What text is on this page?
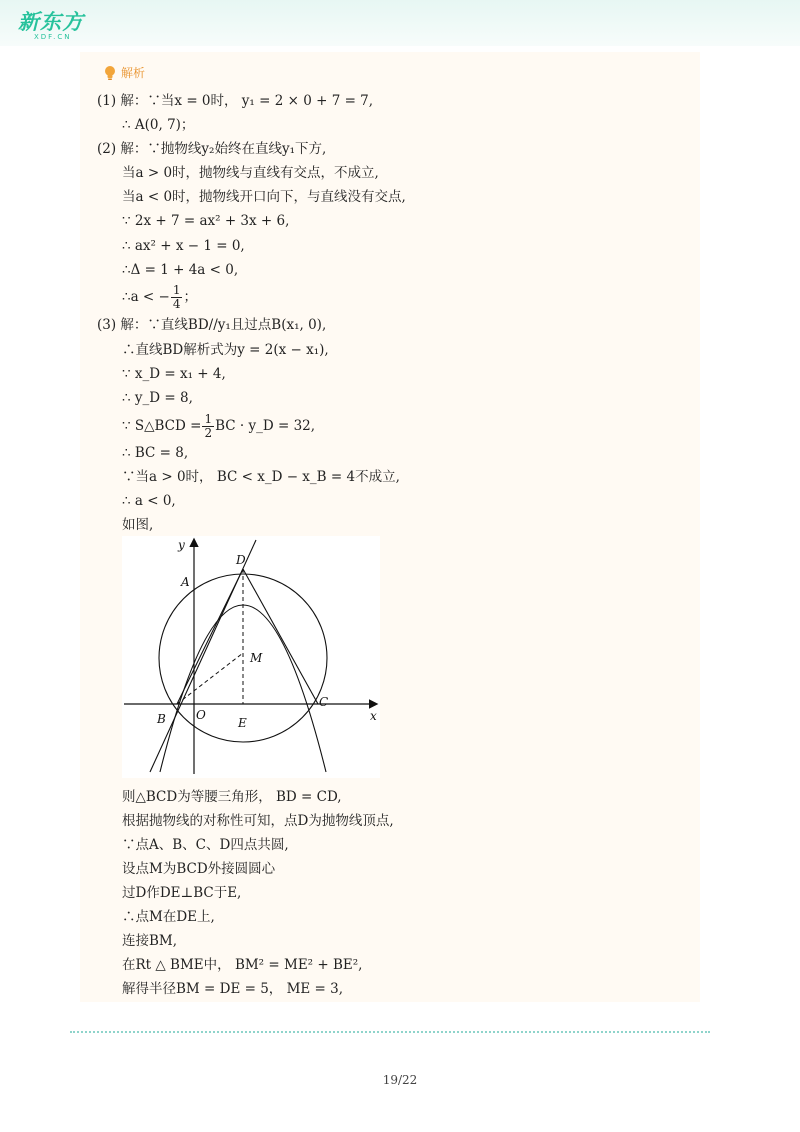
新东方
XDF.CN
解析
(1) 解：∵当x = 0时， y₁ = 2 × 0 + 7 = 7,
∴ A(0, 7)；
(2) 解：∵抛物线y₂始终在直线y₁下方,
当a > 0时，抛物线与直线有交点，不成立,
当a < 0时，抛物线开口向下，与直线没有交点,
∵ 2x + 7 = ax² + 3x + 6,
∴ ax² + x − 1 = 0,
∴Δ = 1 + 4a < 0,
∴a < − $\frac{1}{4}$ ；
(3) 解：∵直线BD//y₁且过点B(x₁, 0),
∴直线BD解析式为y = 2(x − x₁),
∵ x_D = x₁ + 4,
∴ y_D = 8,
∵ S△BCD = $\frac{1}{2}$ BC · y_D = 32,
∴ BC = 8,
∵当a > 0时， BC < x_D − x_B = 4不成立,
∴ a < 0,
如图,
y
x
D
A
M
B	O
E
C
则△BCD为等腰三角形， BD = CD,
根据抛物线的对称性可知，点D为抛物线顶点,
∵点A、B、C、D四点共圆,
设点M为BCD外接圆圆心
过D作DE⊥BC于E,
∴点M在DE上,
连接BM,
在Rt △ BME中， BM² = ME² + BE²,
解得半径BM = DE = 5， ME = 3,
19/22
